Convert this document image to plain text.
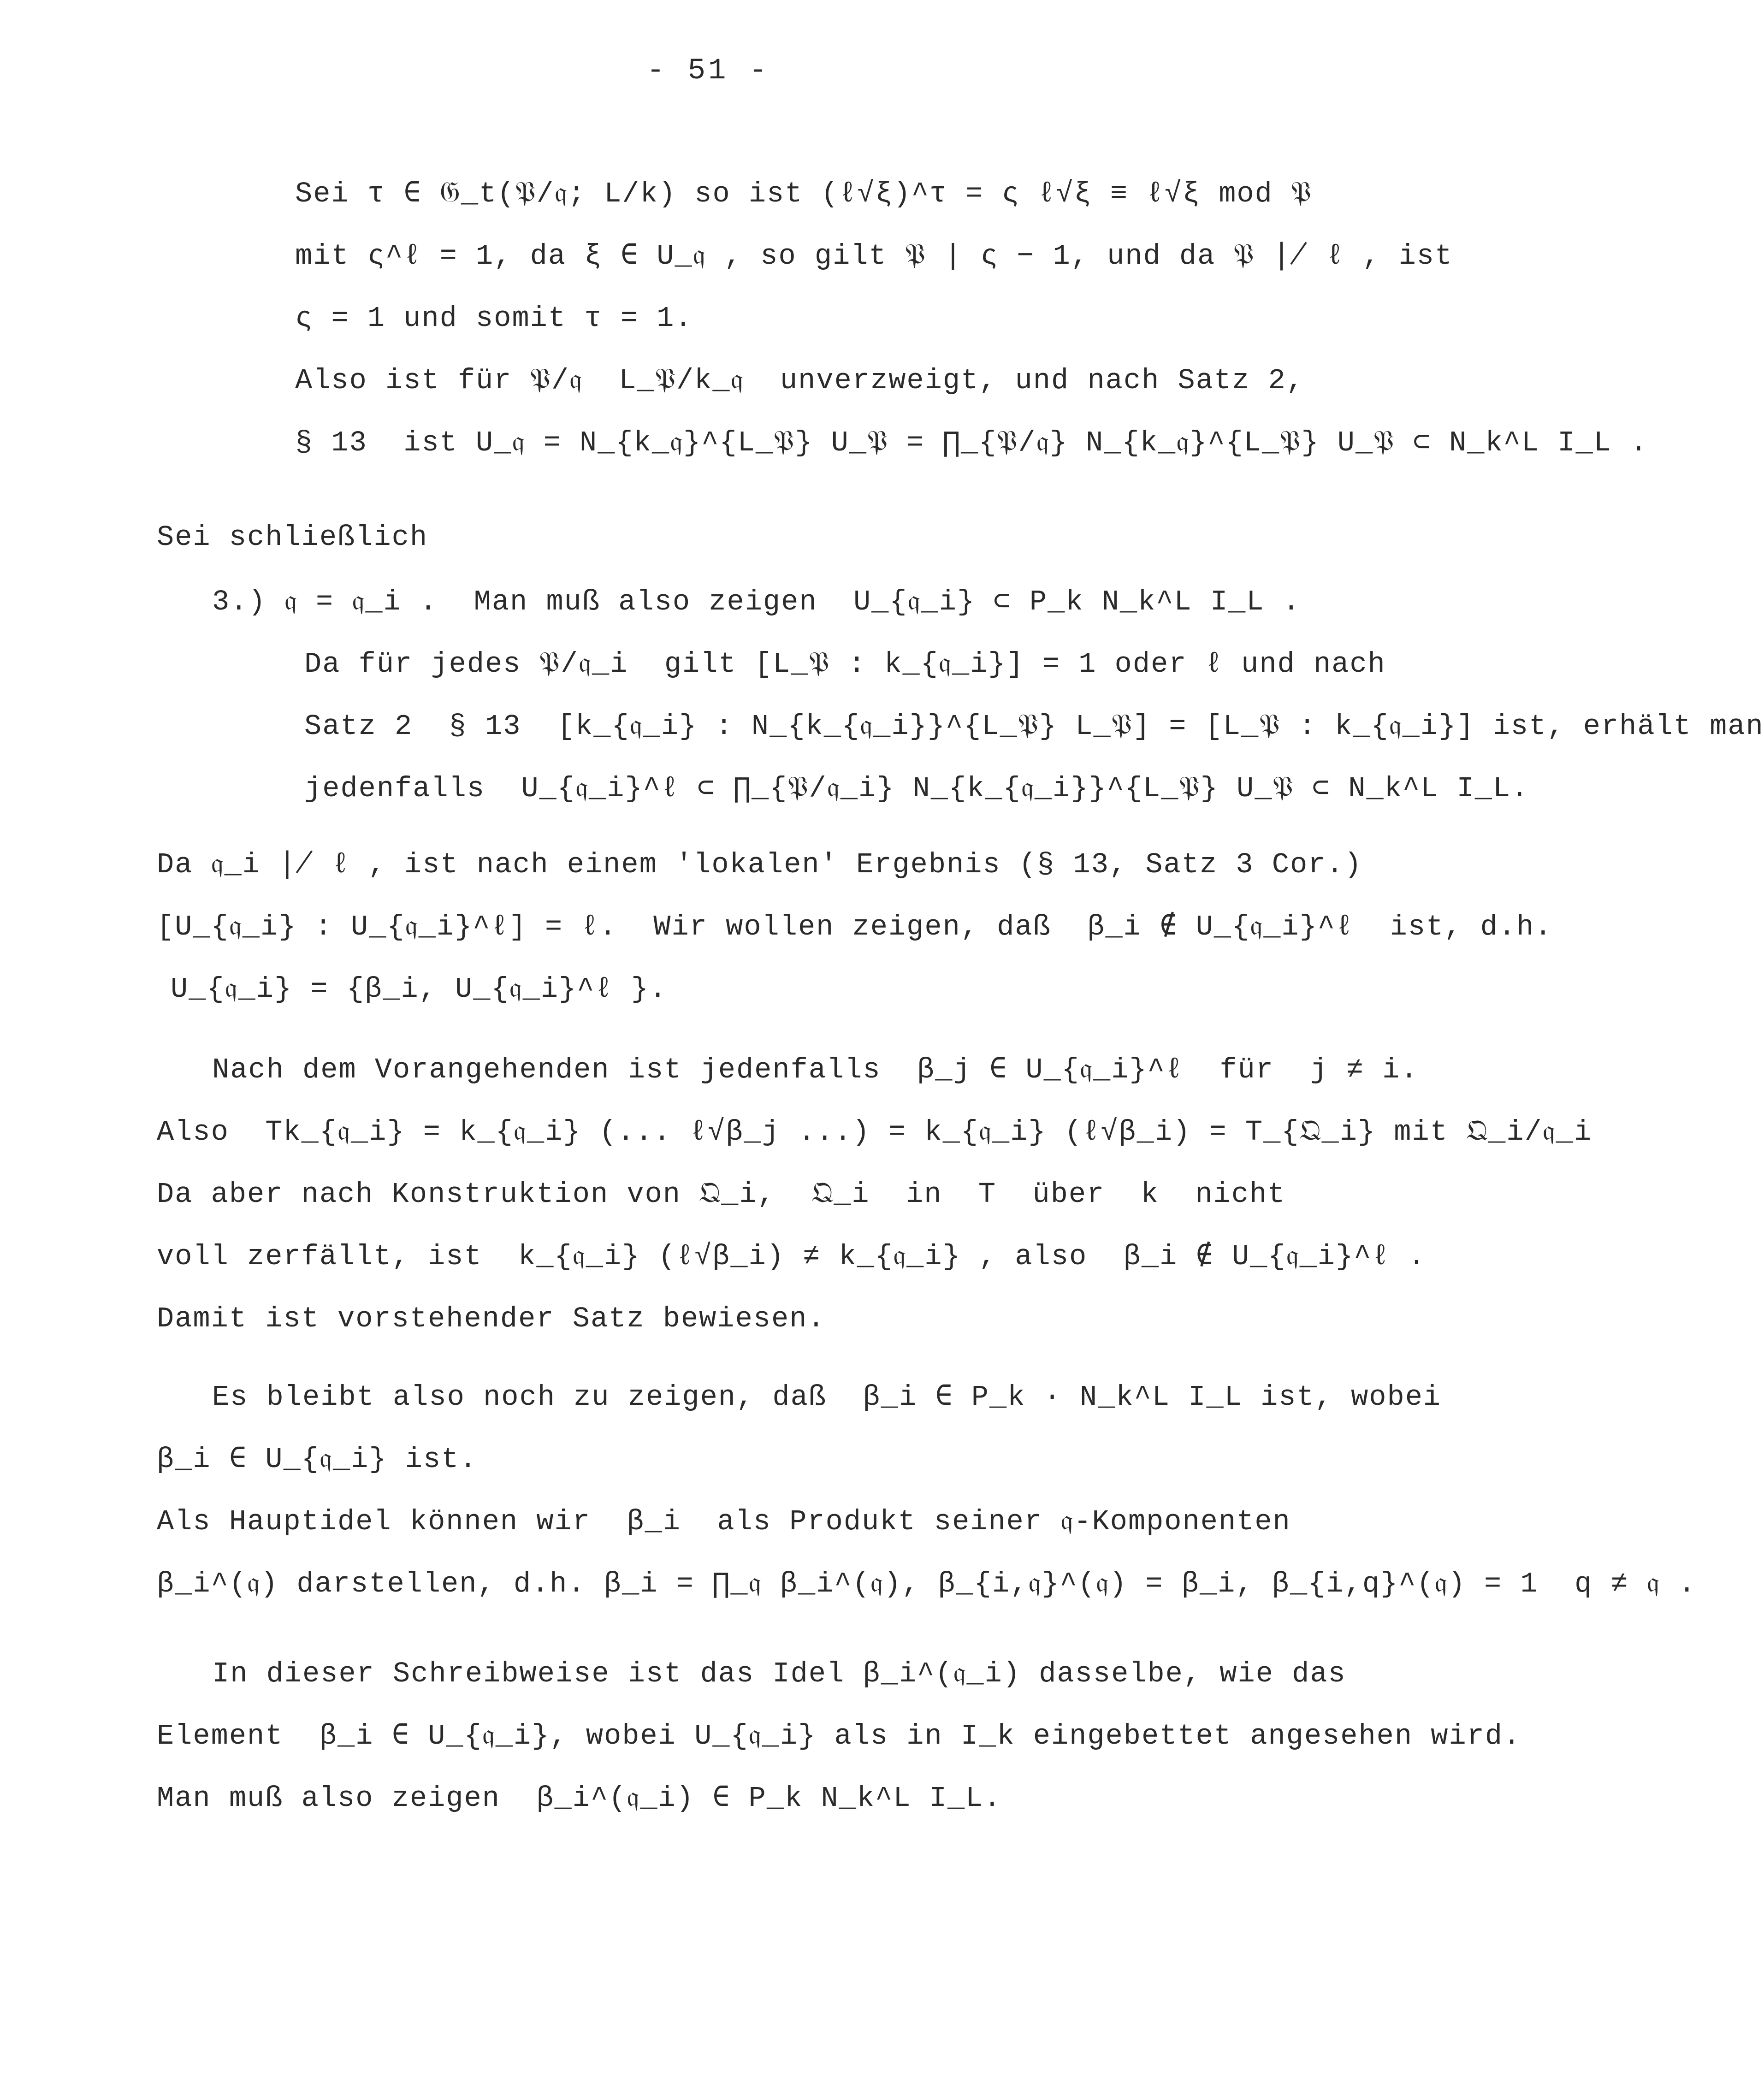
- 51 -
Sei τ ∈ 𝔊_t(𝔓/𝔮; L/k) so ist (ℓ√ξ)^τ = ς ℓ√ξ ≡ ℓ√ξ mod 𝔓
mit ς^ℓ = 1, da ξ ∈ U_𝔮 , so gilt 𝔓 | ς − 1, und da 𝔓 ∤ ℓ , ist
ς = 1 und somit τ = 1.
Also ist für 𝔓/𝔮  L_𝔓/k_𝔮  unverzweigt, und nach Satz 2,
§ 13  ist U_𝔮 = N_{k_𝔮}^{L_𝔓} U_𝔓 = ∏_{𝔓/𝔮} N_{k_𝔮}^{L_𝔓} U_𝔓 ⊂ N_k^L I_L .
Sei schließlich
3.) 𝔮 = 𝔮_i .  Man muß also zeigen  U_{𝔮_i} ⊂ P_k N_k^L I_L .
Da für jedes 𝔓/𝔮_i  gilt [L_𝔓 : k_{𝔮_i}] = 1 oder ℓ und nach
Satz 2  § 13  [k_{𝔮_i} : N_{k_{𝔮_i}}^{L_𝔓} L_𝔓] = [L_𝔓 : k_{𝔮_i}] ist, erhält man
jedenfalls  U_{𝔮_i}^ℓ ⊂ ∏_{𝔓/𝔮_i} N_{k_{𝔮_i}}^{L_𝔓} U_𝔓 ⊂ N_k^L I_L.
Da 𝔮_i ∤ ℓ , ist nach einem 'lokalen' Ergebnis (§ 13, Satz 3 Cor.)
[U_{𝔮_i} : U_{𝔮_i}^ℓ] = ℓ.  Wir wollen zeigen, daß  β_i ∉ U_{𝔮_i}^ℓ  ist, d.h.
U_{𝔮_i} = {β_i, U_{𝔮_i}^ℓ }.
Nach dem Vorangehenden ist jedenfalls  β_j ∈ U_{𝔮_i}^ℓ  für  j ≠ i.
Also  Tk_{𝔮_i} = k_{𝔮_i} (... ℓ√β_j ...) = k_{𝔮_i} (ℓ√β_i) = T_{𝔔_i} mit 𝔔_i/𝔮_i
Da aber nach Konstruktion von 𝔔_i,  𝔔_i  in  T  über  k  nicht
voll zerfällt, ist  k_{𝔮_i} (ℓ√β_i) ≠ k_{𝔮_i} , also  β_i ∉ U_{𝔮_i}^ℓ .
Damit ist vorstehender Satz bewiesen.
Es bleibt also noch zu zeigen, daß  β_i ∈ P_k · N_k^L I_L ist, wobei
β_i ∈ U_{𝔮_i} ist.
Als Hauptidel können wir  β_i  als Produkt seiner 𝔮-Komponenten
β_i^(𝔮) darstellen, d.h. β_i = ∏_𝔮 β_i^(𝔮), β_{i,𝔮}^(𝔮) = β_i, β_{i,q}^(𝔮) = 1  q ≠ 𝔮 .
In dieser Schreibweise ist das Idel β_i^(𝔮_i) dasselbe, wie das
Element  β_i ∈ U_{𝔮_i}, wobei U_{𝔮_i} als in I_k eingebettet angesehen wird.
Man muß also zeigen  β_i^(𝔮_i) ∈ P_k N_k^L I_L.
